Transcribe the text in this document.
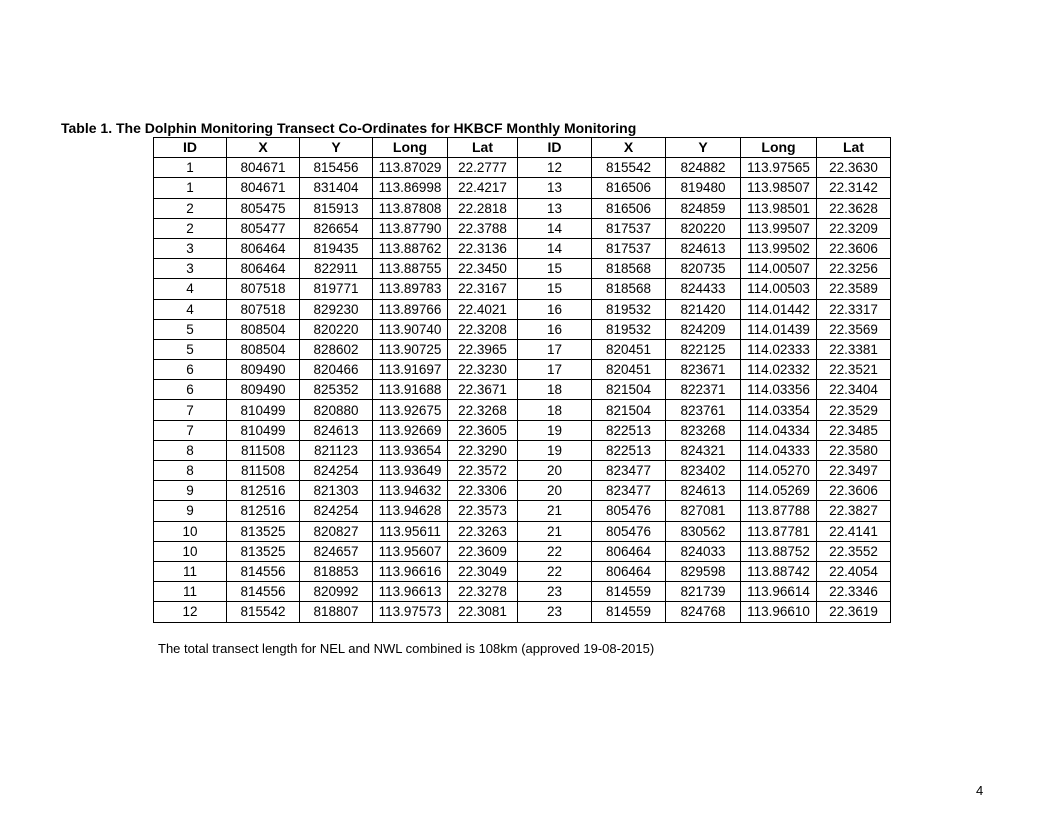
Table 1. The Dolphin Monitoring Transect Co-Ordinates for HKBCF Monthly Monitoring
ID	X	Y	Long	Lat	ID	X	Y	Long	Lat
1	804671	815456	113.87029	22.2777	12	815542	824882	113.97565	22.3630
1	804671	831404	113.86998	22.4217	13	816506	819480	113.98507	22.3142
2	805475	815913	113.87808	22.2818	13	816506	824859	113.98501	22.3628
2	805477	826654	113.87790	22.3788	14	817537	820220	113.99507	22.3209
3	806464	819435	113.88762	22.3136	14	817537	824613	113.99502	22.3606
3	806464	822911	113.88755	22.3450	15	818568	820735	114.00507	22.3256
4	807518	819771	113.89783	22.3167	15	818568	824433	114.00503	22.3589
4	807518	829230	113.89766	22.4021	16	819532	821420	114.01442	22.3317
5	808504	820220	113.90740	22.3208	16	819532	824209	114.01439	22.3569
5	808504	828602	113.90725	22.3965	17	820451	822125	114.02333	22.3381
6	809490	820466	113.91697	22.3230	17	820451	823671	114.02332	22.3521
6	809490	825352	113.91688	22.3671	18	821504	822371	114.03356	22.3404
7	810499	820880	113.92675	22.3268	18	821504	823761	114.03354	22.3529
7	810499	824613	113.92669	22.3605	19	822513	823268	114.04334	22.3485
8	811508	821123	113.93654	22.3290	19	822513	824321	114.04333	22.3580
8	811508	824254	113.93649	22.3572	20	823477	823402	114.05270	22.3497
9	812516	821303	113.94632	22.3306	20	823477	824613	114.05269	22.3606
9	812516	824254	113.94628	22.3573	21	805476	827081	113.87788	22.3827
10	813525	820827	113.95611	22.3263	21	805476	830562	113.87781	22.4141
10	813525	824657	113.95607	22.3609	22	806464	824033	113.88752	22.3552
11	814556	818853	113.96616	22.3049	22	806464	829598	113.88742	22.4054
11	814556	820992	113.96613	22.3278	23	814559	821739	113.96614	22.3346
12	815542	818807	113.97573	22.3081	23	814559	824768	113.96610	22.3619
The total transect length for NEL and NWL combined is 108km (approved 19-08-2015)
4
